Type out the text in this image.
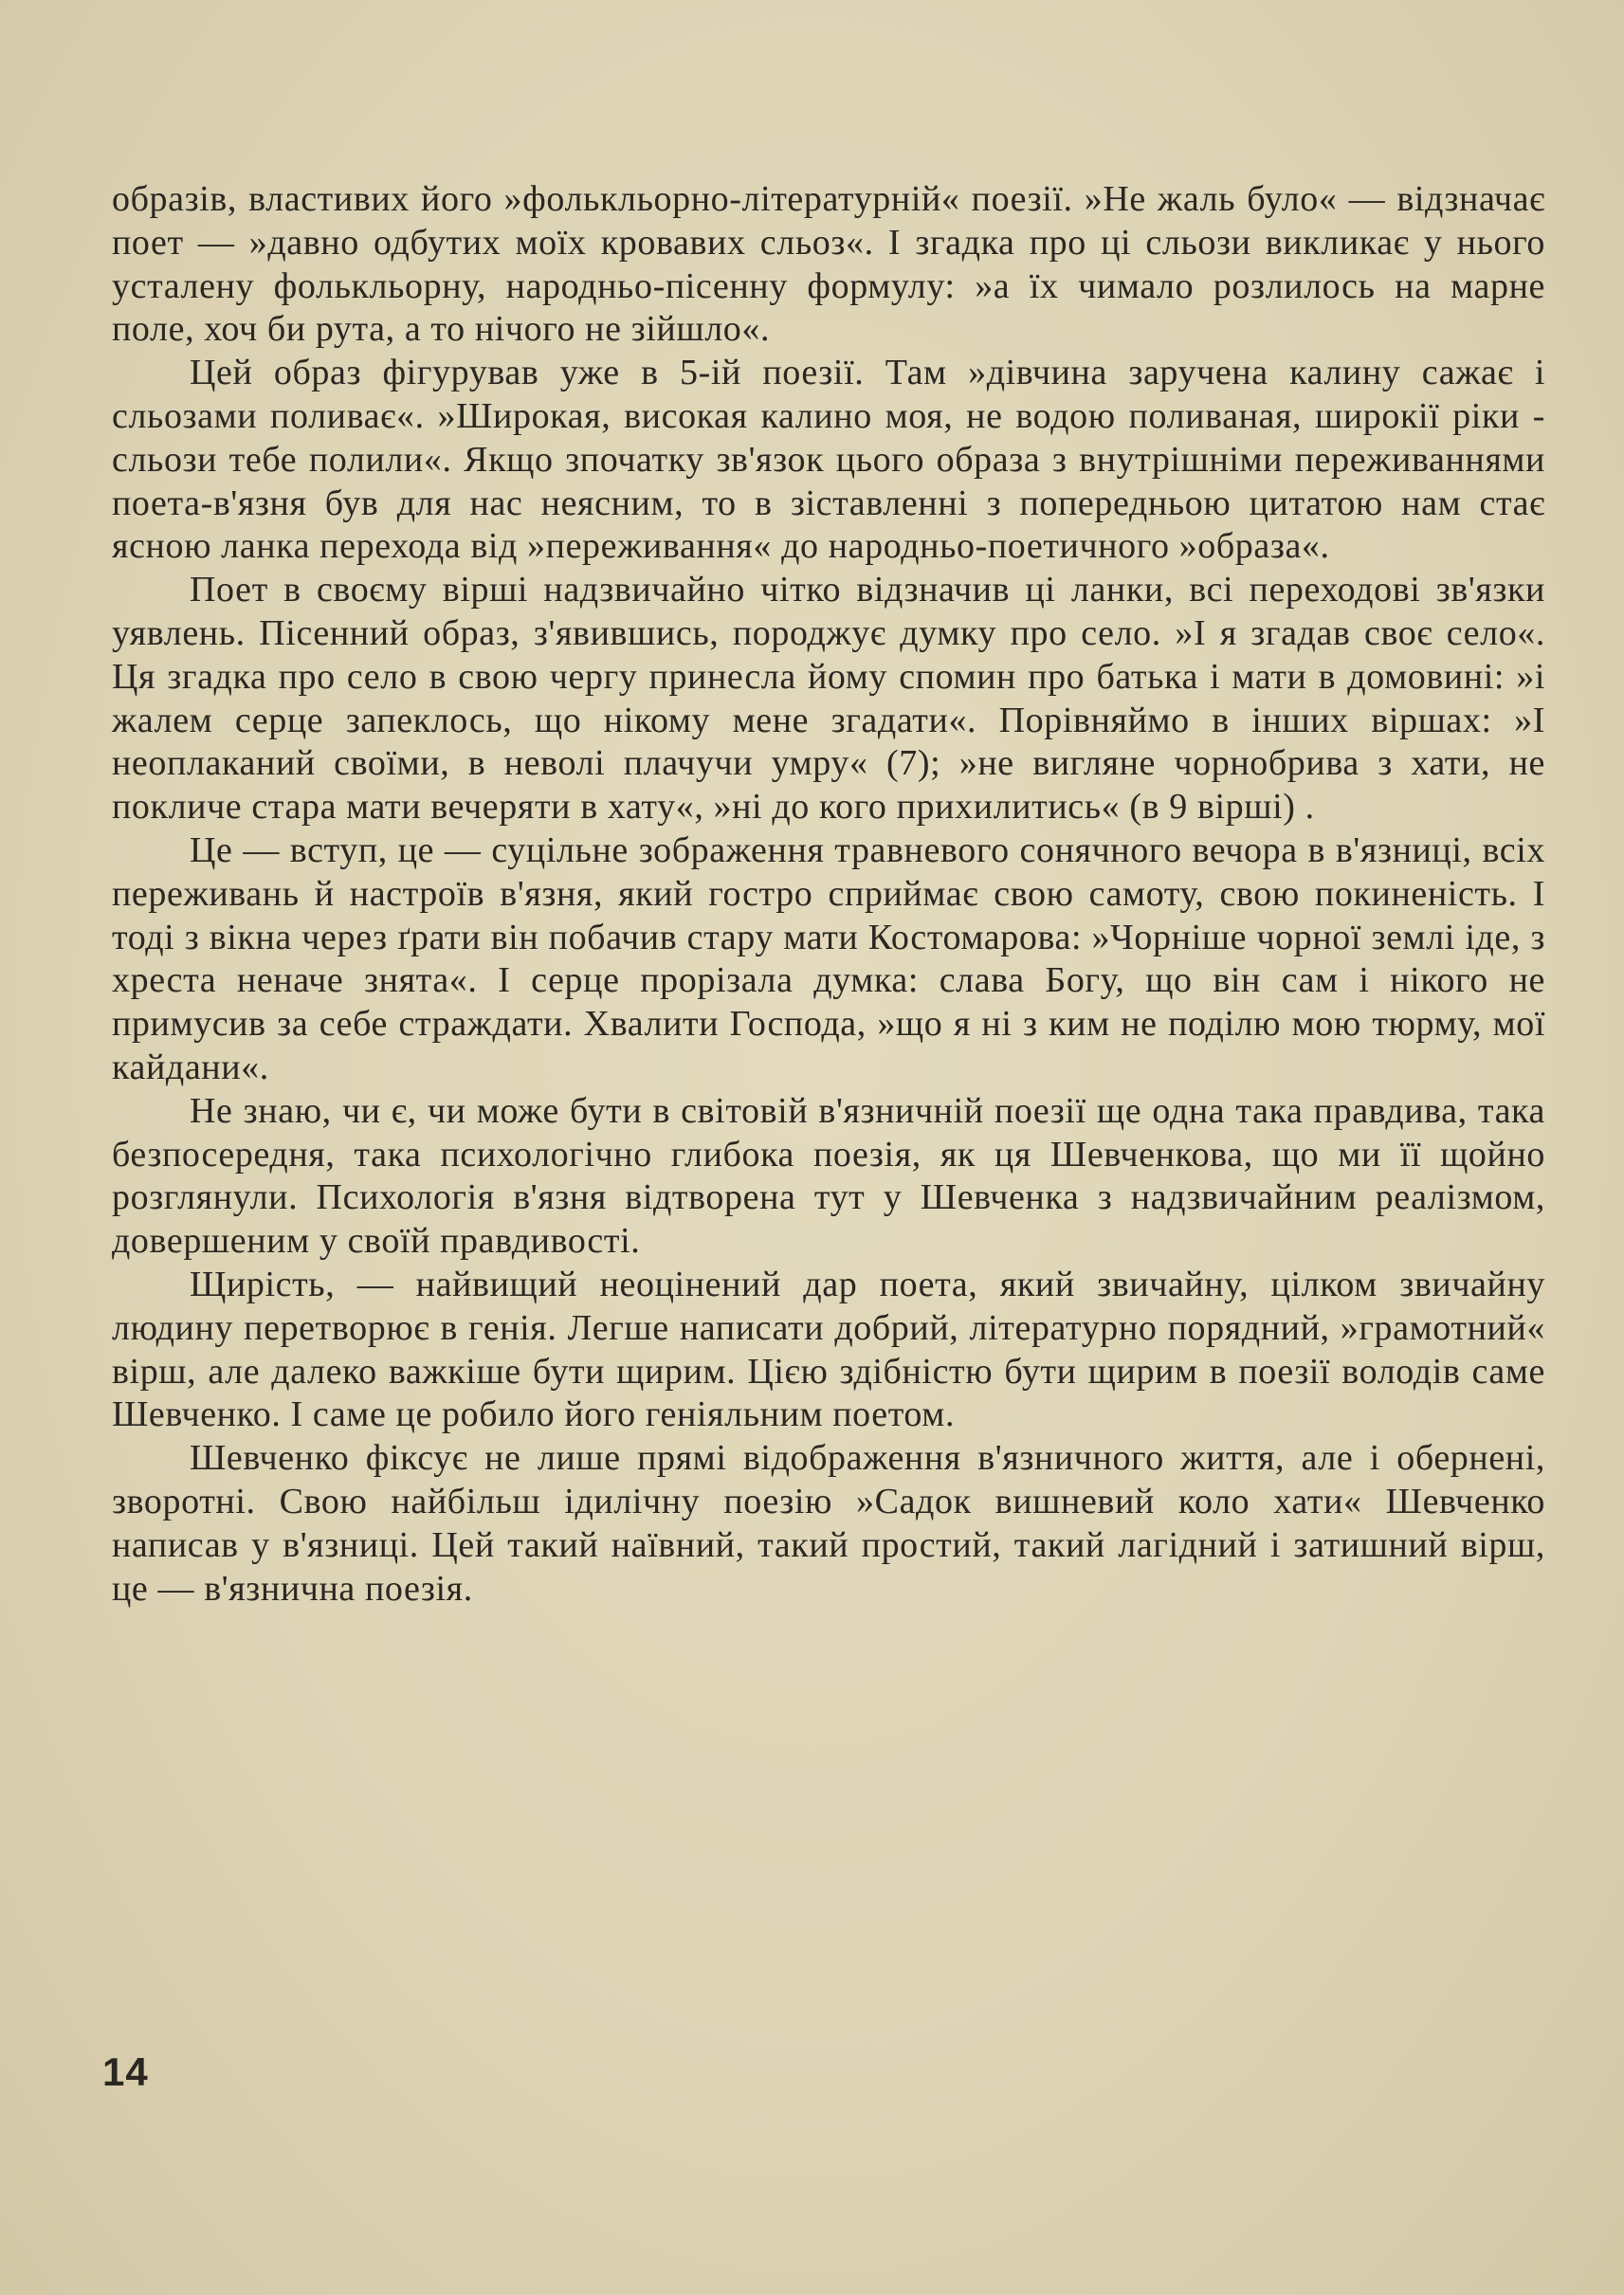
образів, властивих його »фолькльорно-літературній« поезії. »Не жаль було« — відзначає поет — »давно одбутих моїх кровавих сльоз«. І згадка про ці сльози викликає у нього усталену фолькльорну, народньо-пісенну формулу: »а їх чимало розлилось на марне поле, хоч би рута, а то нічого не зійшло«.

Цей образ фігурував уже в 5-ій поезії. Там »дівчина заручена калину сажає і сльозами поливає«. »Широкая, високая калино моя, не водою поливаная, широкії ріки - сльози тебе полили«. Якщо зпочатку зв'язок цього образа з внутрішніми переживаннями поета-в'язня був для нас неясним, то в зіставленні з попередньою цитатою нам стає ясною ланка перехода від »переживання« до народньо-поетичного »образа«.

Поет в своєму вірші надзвичайно чітко відзначив ці ланки, всі переходові зв'язки уявлень. Пісенний образ, з'явившись, породжує думку про село. »І я згадав своє село«. Ця згадка про село в свою чергу принесла йому спомин про батька і мати в домовині: »і жалем серце запеклось, що нікому мене згадати«. Порівняймо в інших віршах: »І неоплаканий своїми, в неволі плачучи умру« (7); »не вигляне чорнобрива з хати, не покличе стара мати вечеряти в хату«, »ні до кого прихилитись« (в 9 вірші) .

Це — вступ, це — суцільне зображення травневого сонячного вечора в в'язниці, всіх переживань й настроїв в'язня, який гостро сприймає свою самоту, свою покиненість. І тоді з вікна через ґрати він побачив стару мати Костомарова: »Чорніше чорної землі іде, з хреста неначе знята«. І серце прорізала думка: слава Богу, що він сам і нікого не примусив за себе страждати. Хвалити Господа, »що я ні з ким не поділю мою тюрму, мої кайдани«.

Не знаю, чи є, чи може бути в світовій в'язничній поезії ще одна така правдива, така безпосередня, така психологічно глибока поезія, як ця Шевченкова, що ми її щойно розглянули. Психологія в'язня відтворена тут у Шевченка з надзвичайним реалізмом, довершеним у своїй правдивості.

Щирість, — найвищий неоцінений дар поета, який звичайну, цілком звичайну людину перетворює в генія. Легше написати добрий, літературно порядний, »грамотний« вірш, але далеко важкіше бути щирим. Цією здібністю бути щирим в поезії володів саме Шевченко. І саме це робило його геніяльним поетом.

Шевченко фіксує не лише прямі відображення в'язничного життя, але і обернені, зворотні. Свою найбільш ідилічну поезію »Садок вишневий коло хати« Шевченко написав у в'язниці. Цей такий наївний, такий простий, такий лагідний і затишний вірш, це — в'язнична поезія.

14
